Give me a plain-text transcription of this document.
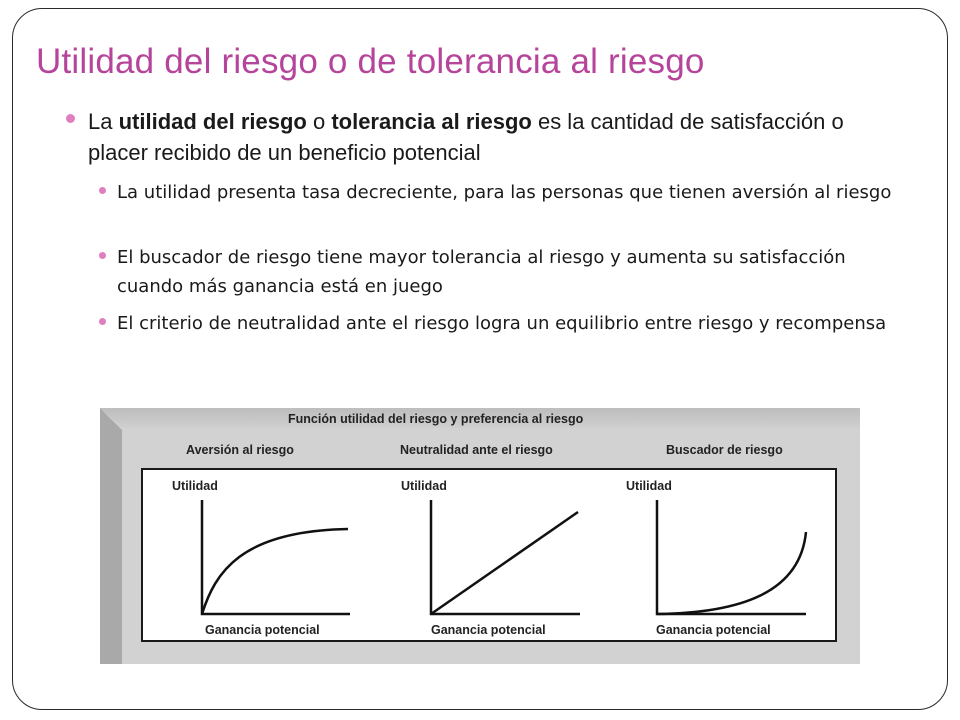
Utilidad del riesgo o de tolerancia al riesgo
La utilidad del riesgo o tolerancia al riesgo es la cantidad de satisfacción o placer recibido de un beneficio potencial
La utilidad presenta tasa decreciente, para las personas que tienen aversión al riesgo
El buscador de riesgo tiene mayor tolerancia al riesgo y aumenta su satisfacción cuando más ganancia está en juego
El criterio de neutralidad ante el riesgo logra un equilibrio entre riesgo y recompensa
Función utilidad del riesgo y preferencia al riesgo
Aversión al riesgo	Neutralidad ante el riesgo	Buscador de riesgo
Utilidad	Utilidad	Utilidad
Ganancia potencial	Ganancia potencial	Ganancia potencial
